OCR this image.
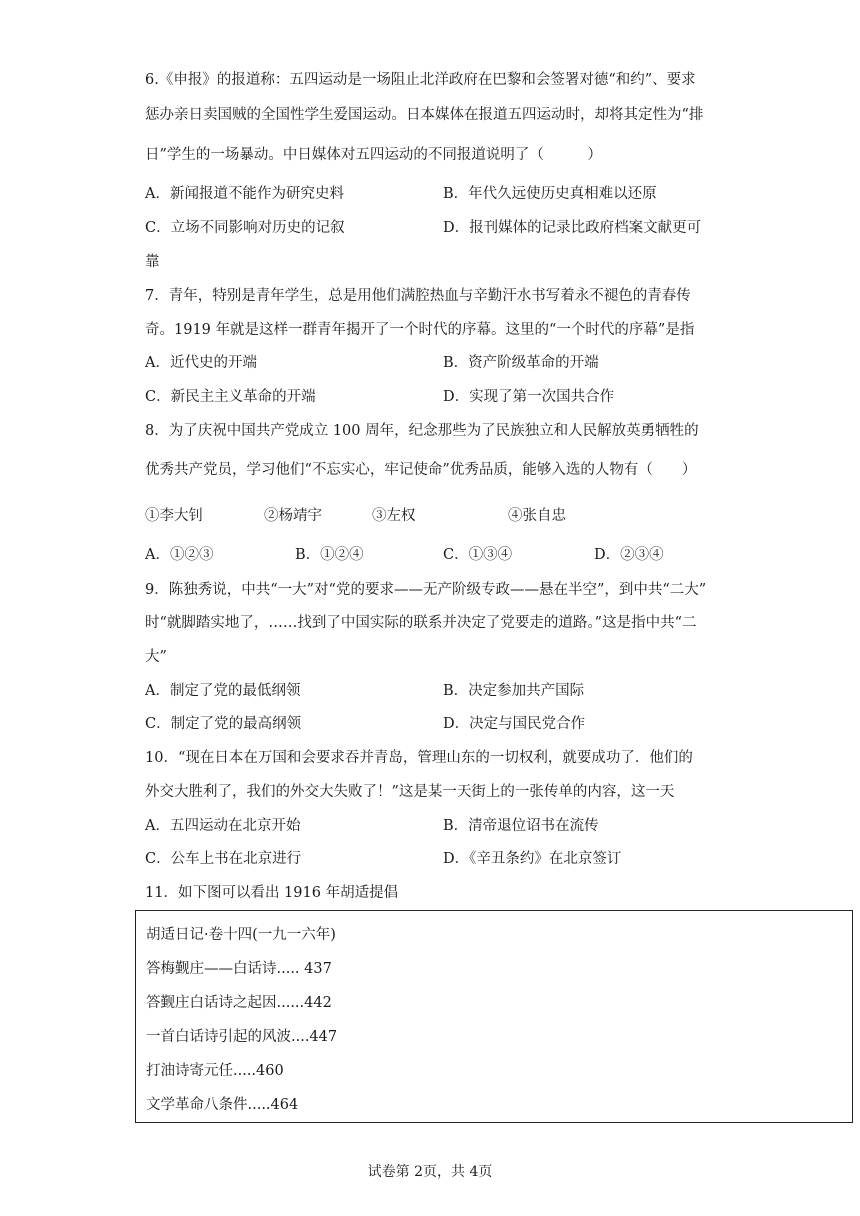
6.《申报》的报道称：五四运动是一场阻止北洋政府在巴黎和会签署对德“和约”、要求
惩办亲日卖国贼的全国性学生爱国运动。日本媒体在报道五四运动时，却将其定性为“排
日”学生的一场暴动。中日媒体对五四运动的不同报道说明了（　　　）
A．新闻报道不能作为研究史料	B．年代久远使历史真相难以还原
C．立场不同影响对历史的记叙	D．报刊媒体的记录比政府档案文献更可
靠
7．青年，特别是青年学生，总是用他们满腔热血与辛勤汗水书写着永不褪色的青春传
奇。1919 年就是这样一群青年揭开了一个时代的序幕。这里的“一个时代的序幕”是指
A．近代史的开端	B．资产阶级革命的开端
C．新民主主义革命的开端	D．实现了第一次国共合作
8．为了庆祝中国共产党成立 100 周年，纪念那些为了民族独立和人民解放英勇牺牲的
优秀共产党员，学习他们“不忘实心，牢记使命”优秀品质，能够入选的人物有（　　）
①李大钊	②杨靖宇	③左权	④张自忠
A．①②③	B．①②④	C．①③④	D．②③④
9．陈独秀说，中共“一大”对“党的要求——无产阶级专政——悬在半空”，到中共“二大”
时“就脚踏实地了，……找到了中国实际的联系并决定了党要走的道路。”这是指中共“二
大”
A．制定了党的最低纲领	B．决定参加共产国际
C．制定了党的最高纲领	D．决定与国民党合作
10．“现在日本在万国和会要求吞并青岛，管理山东的一切权利，就要成功了．他们的
外交大胜利了，我们的外交大失败了！”这是某一天街上的一张传单的内容，这一天
A．五四运动在北京开始	B．清帝退位诏书在流传
C．公车上书在北京进行	D．《辛丑条约》在北京签订
11．如下图可以看出 1916 年胡适提倡
胡适日记·卷十四(一九一六年)
答梅觐庄——白话诗..... 437
答觐庄白话诗之起因......442
一首白话诗引起的风波....447
打油诗寄元任.....460
文学革命八条件.....464
试卷第 2页，共 4页
